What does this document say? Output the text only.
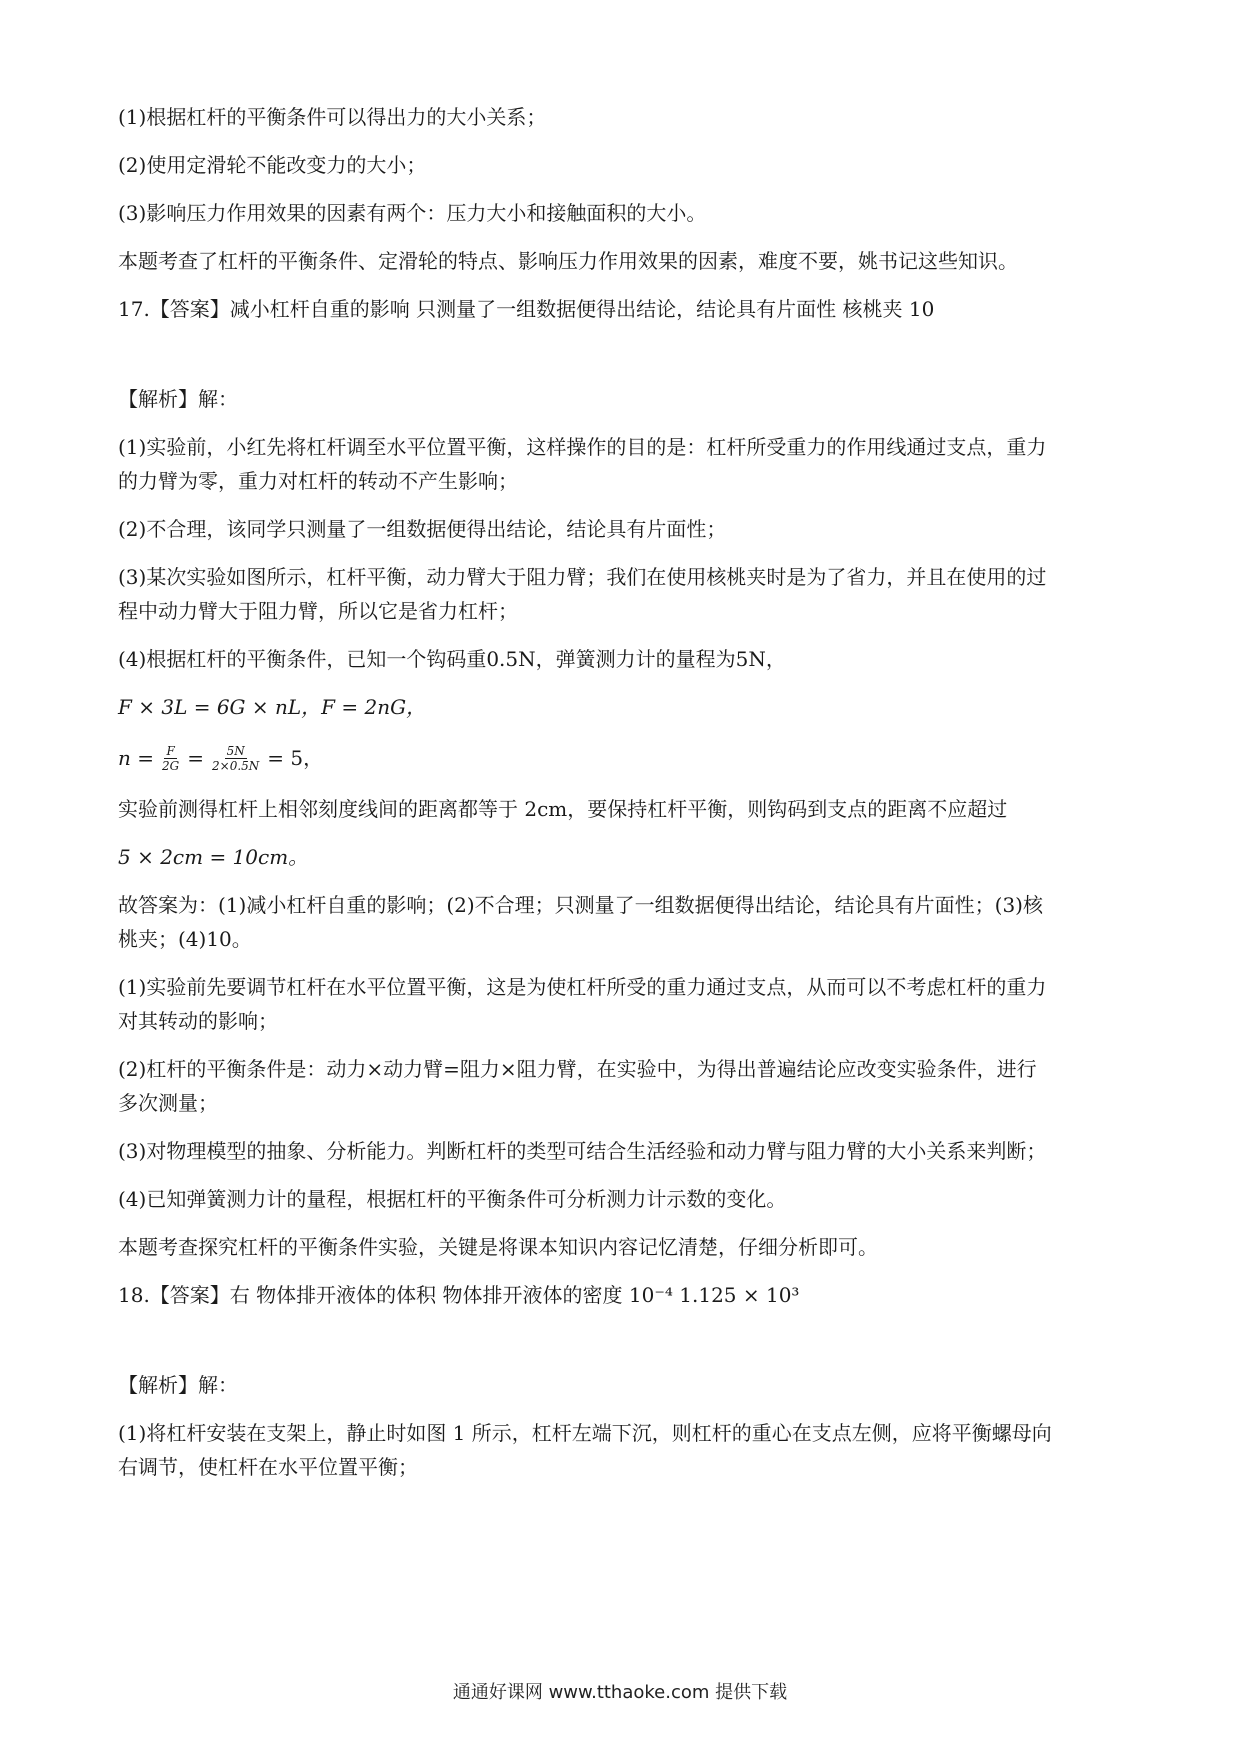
(1)根据杠杆的平衡条件可以得出力的大小关系；

(2)使用定滑轮不能改变力的大小；

(3)影响压力作用效果的因素有两个：压力大小和接触面积的大小。

本题考查了杠杆的平衡条件、定滑轮的特点、影响压力作用效果的因素，难度不要，姚书记这些知识。

17.【答案】减小杠杆自重的影响 只测量了一组数据便得出结论，结论具有片面性 核桃夹 10

【解析】解：

(1)实验前，小红先将杠杆调至水平位置平衡，这样操作的目的是：杠杆所受重力的作用线通过支点，重力

的力臂为零，重力对杠杆的转动不产生影响；

(2)不合理，该同学只测量了一组数据便得出结论，结论具有片面性；

(3)某次实验如图所示，杠杆平衡，动力臂大于阻力臂；我们在使用核桃夹时是为了省力，并且在使用的过

程中动力臂大于阻力臂，所以它是省力杠杆；

(4)根据杠杆的平衡条件，已知一个钩码重0.5N，弹簧测力计的量程为5N，

F × 3L = 6G × nL，F = 2nG，

$n = \frac{F}{2G} = \frac{5N}{2\times 0.5N} = 5$，

实验前测得杠杆上相邻刻度线间的距离都等于 2cm，要保持杠杆平衡，则钩码到支点的距离不应超过

5 × 2cm = 10cm。

故答案为：(1)减小杠杆自重的影响；(2)不合理；只测量了一组数据便得出结论，结论具有片面性；(3)核

桃夹；(4)10。

(1)实验前先要调节杠杆在水平位置平衡，这是为使杠杆所受的重力通过支点，从而可以不考虑杠杆的重力

对其转动的影响；

(2)杠杆的平衡条件是：动力×动力臂=阻力×阻力臂，在实验中，为得出普遍结论应改变实验条件，进行

多次测量；

(3)对物理模型的抽象、分析能力。判断杠杆的类型可结合生活经验和动力臂与阻力臂的大小关系来判断；

(4)已知弹簧测力计的量程，根据杠杆的平衡条件可分析测力计示数的变化。

本题考查探究杠杆的平衡条件实验，关键是将课本知识内容记忆清楚，仔细分析即可。

18.【答案】右 物体排开液体的体积 物体排开液体的密度 10⁻⁴ 1.125 × 10³

【解析】解：

(1)将杠杆安装在支架上，静止时如图 1 所示，杠杆左端下沉，则杠杆的重心在支点左侧，应将平衡螺母向

右调节，使杠杆在水平位置平衡；

通通好课网 www.tthaoke.com 提供下载
